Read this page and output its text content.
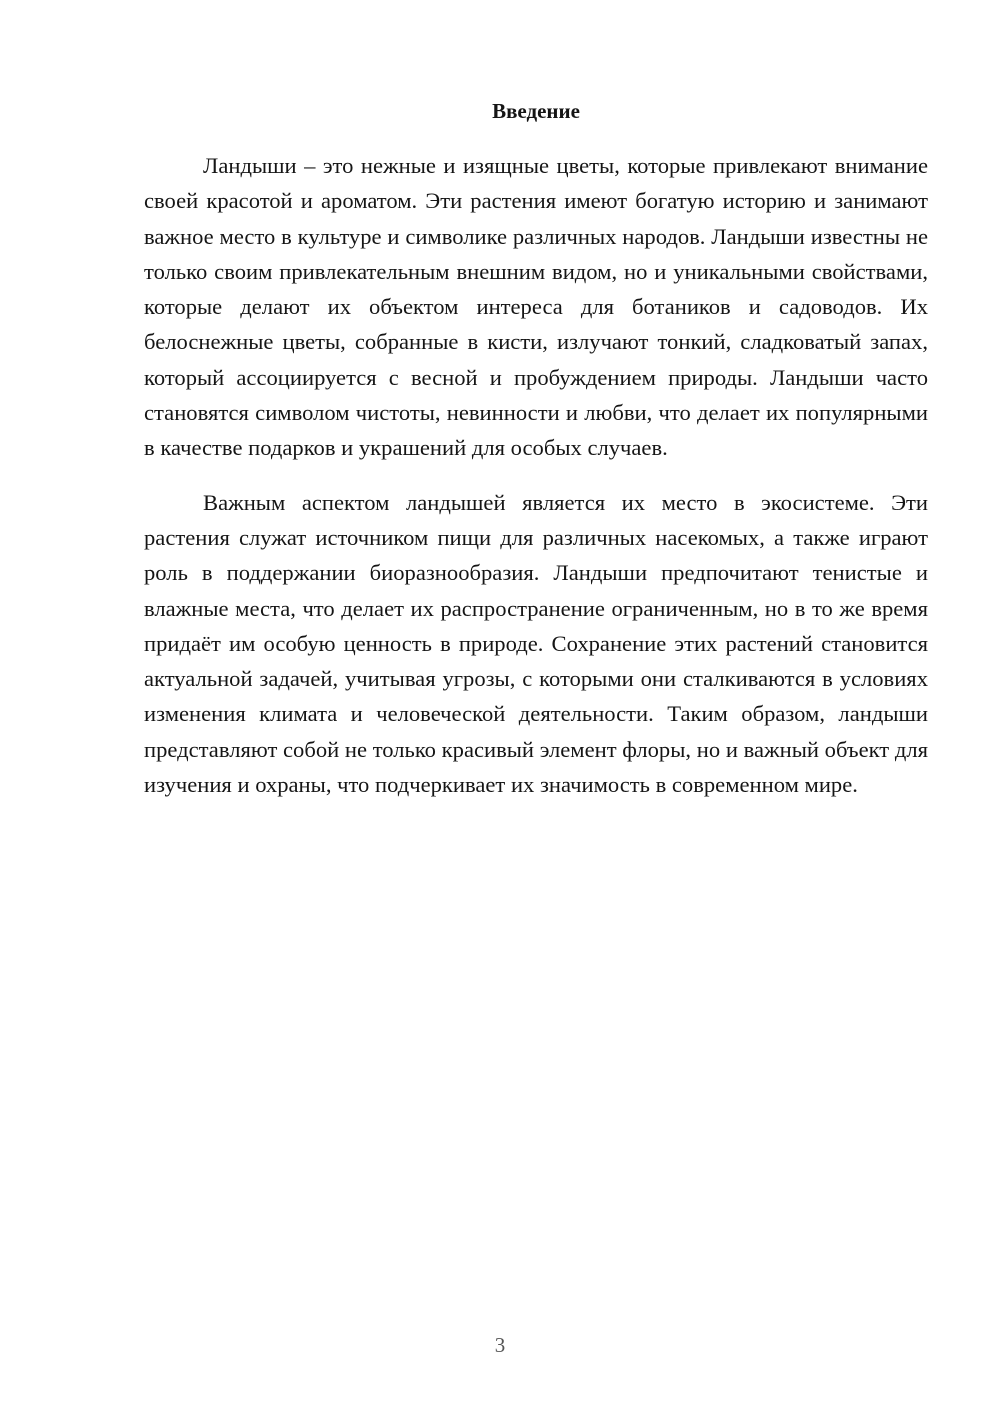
Введение

Ландыши – это нежные и изящные цветы, которые привлекают внимание своей красотой и ароматом. Эти растения имеют богатую историю и занимают важное место в культуре и символике различных народов. Ландыши известны не только своим привлекательным внешним видом, но и уникальными свойствами, которые делают их объектом интереса для ботаников и садоводов. Их белоснежные цветы, собранные в кисти, излучают тонкий, сладковатый запах, который ассоциируется с весной и пробуждением природы. Ландыши часто становятся символом чистоты, невинности и любви, что делает их популярными в качестве подарков и украшений для особых случаев.

Важным аспектом ландышей является их место в экосистеме. Эти растения служат источником пищи для различных насекомых, а также играют роль в поддержании биоразнообразия. Ландыши предпочитают тенистые и влажные места, что делает их распространение ограниченным, но в то же время придаёт им особую ценность в природе. Сохранение этих растений становится актуальной задачей, учитывая угрозы, с которыми они сталкиваются в условиях изменения климата и человеческой деятельности. Таким образом, ландыши представляют собой не только красивый элемент флоры, но и важный объект для изучения и охраны, что подчеркивает их значимость в современном мире.

3
